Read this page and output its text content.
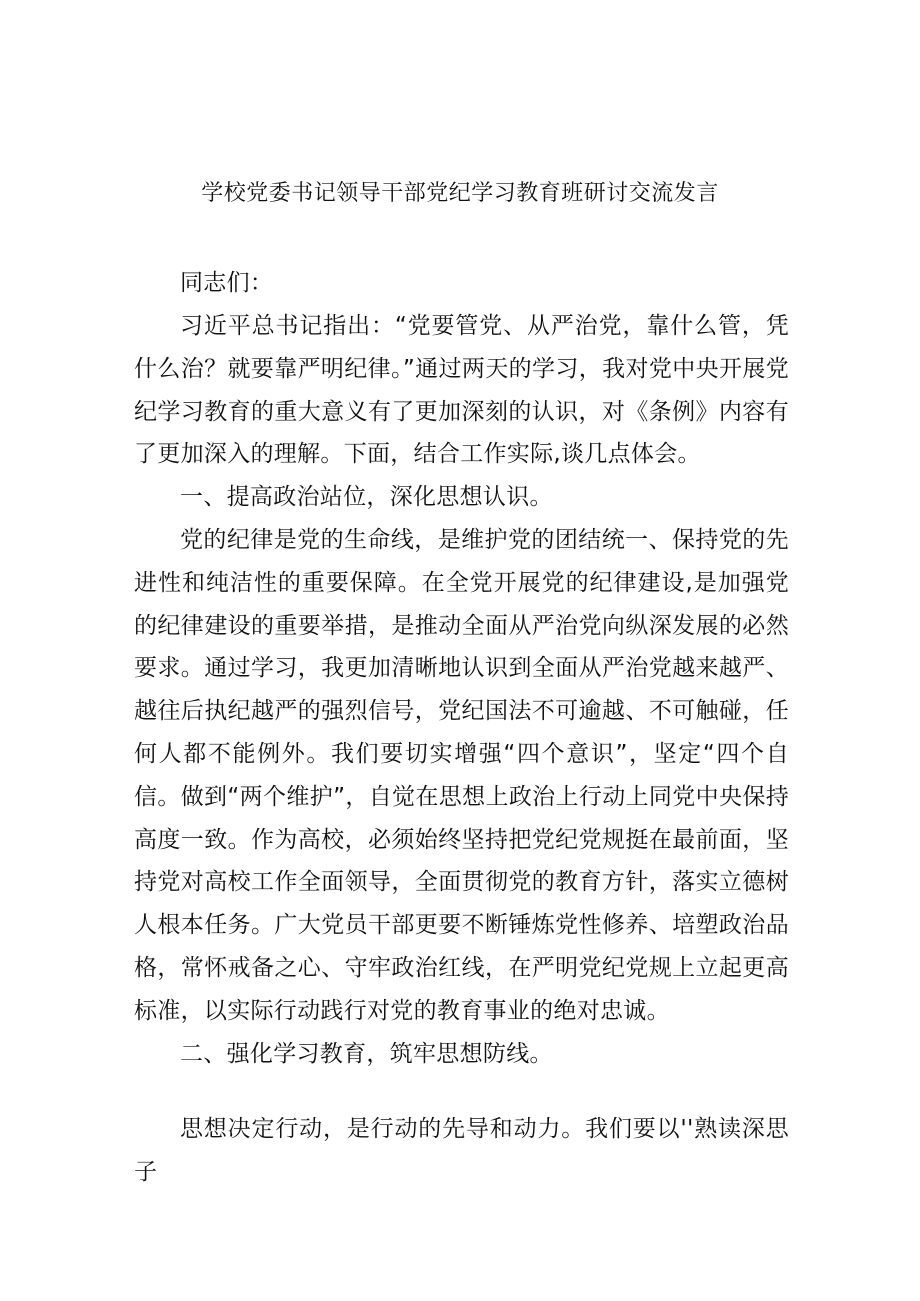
学校党委书记领导干部党纪学习教育班研讨交流发言

同志们：

习近平总书记指出：“党要管党、从严治党，靠什么管，凭什么治？就要靠严明纪律。”通过两天的学习，我对党中央开展党纪学习教育的重大意义有了更加深刻的认识，对《条例》内容有了更加深入的理解。下面，结合工作实际,谈几点体会。

一、提高政治站位，深化思想认识。

党的纪律是党的生命线，是维护党的团结统一、保持党的先进性和纯洁性的重要保障。在全党开展党的纪律建设,是加强党的纪律建设的重要举措，是推动全面从严治党向纵深发展的必然要求。通过学习，我更加清晰地认识到全面从严治党越来越严、越往后执纪越严的强烈信号，党纪国法不可逾越、不可触碰，任何人都不能例外。我们要切实增强“四个意识”，坚定“四个自信。做到“两个维护”，自觉在思想上政治上行动上同党中央保持高度一致。作为高校，必须始终坚持把党纪党规挺在最前面，坚持党对高校工作全面领导，全面贯彻党的教育方针，落实立德树人根本任务。广大党员干部更要不断锤炼党性修养、培塑政治品格，常怀戒备之心、守牢政治红线，在严明党纪党规上立起更高标准，以实际行动践行对党的教育事业的绝对忠诚。

二、强化学习教育，筑牢思想防线。

思想决定行动，是行动的先导和动力。我们要以''熟读深思子
